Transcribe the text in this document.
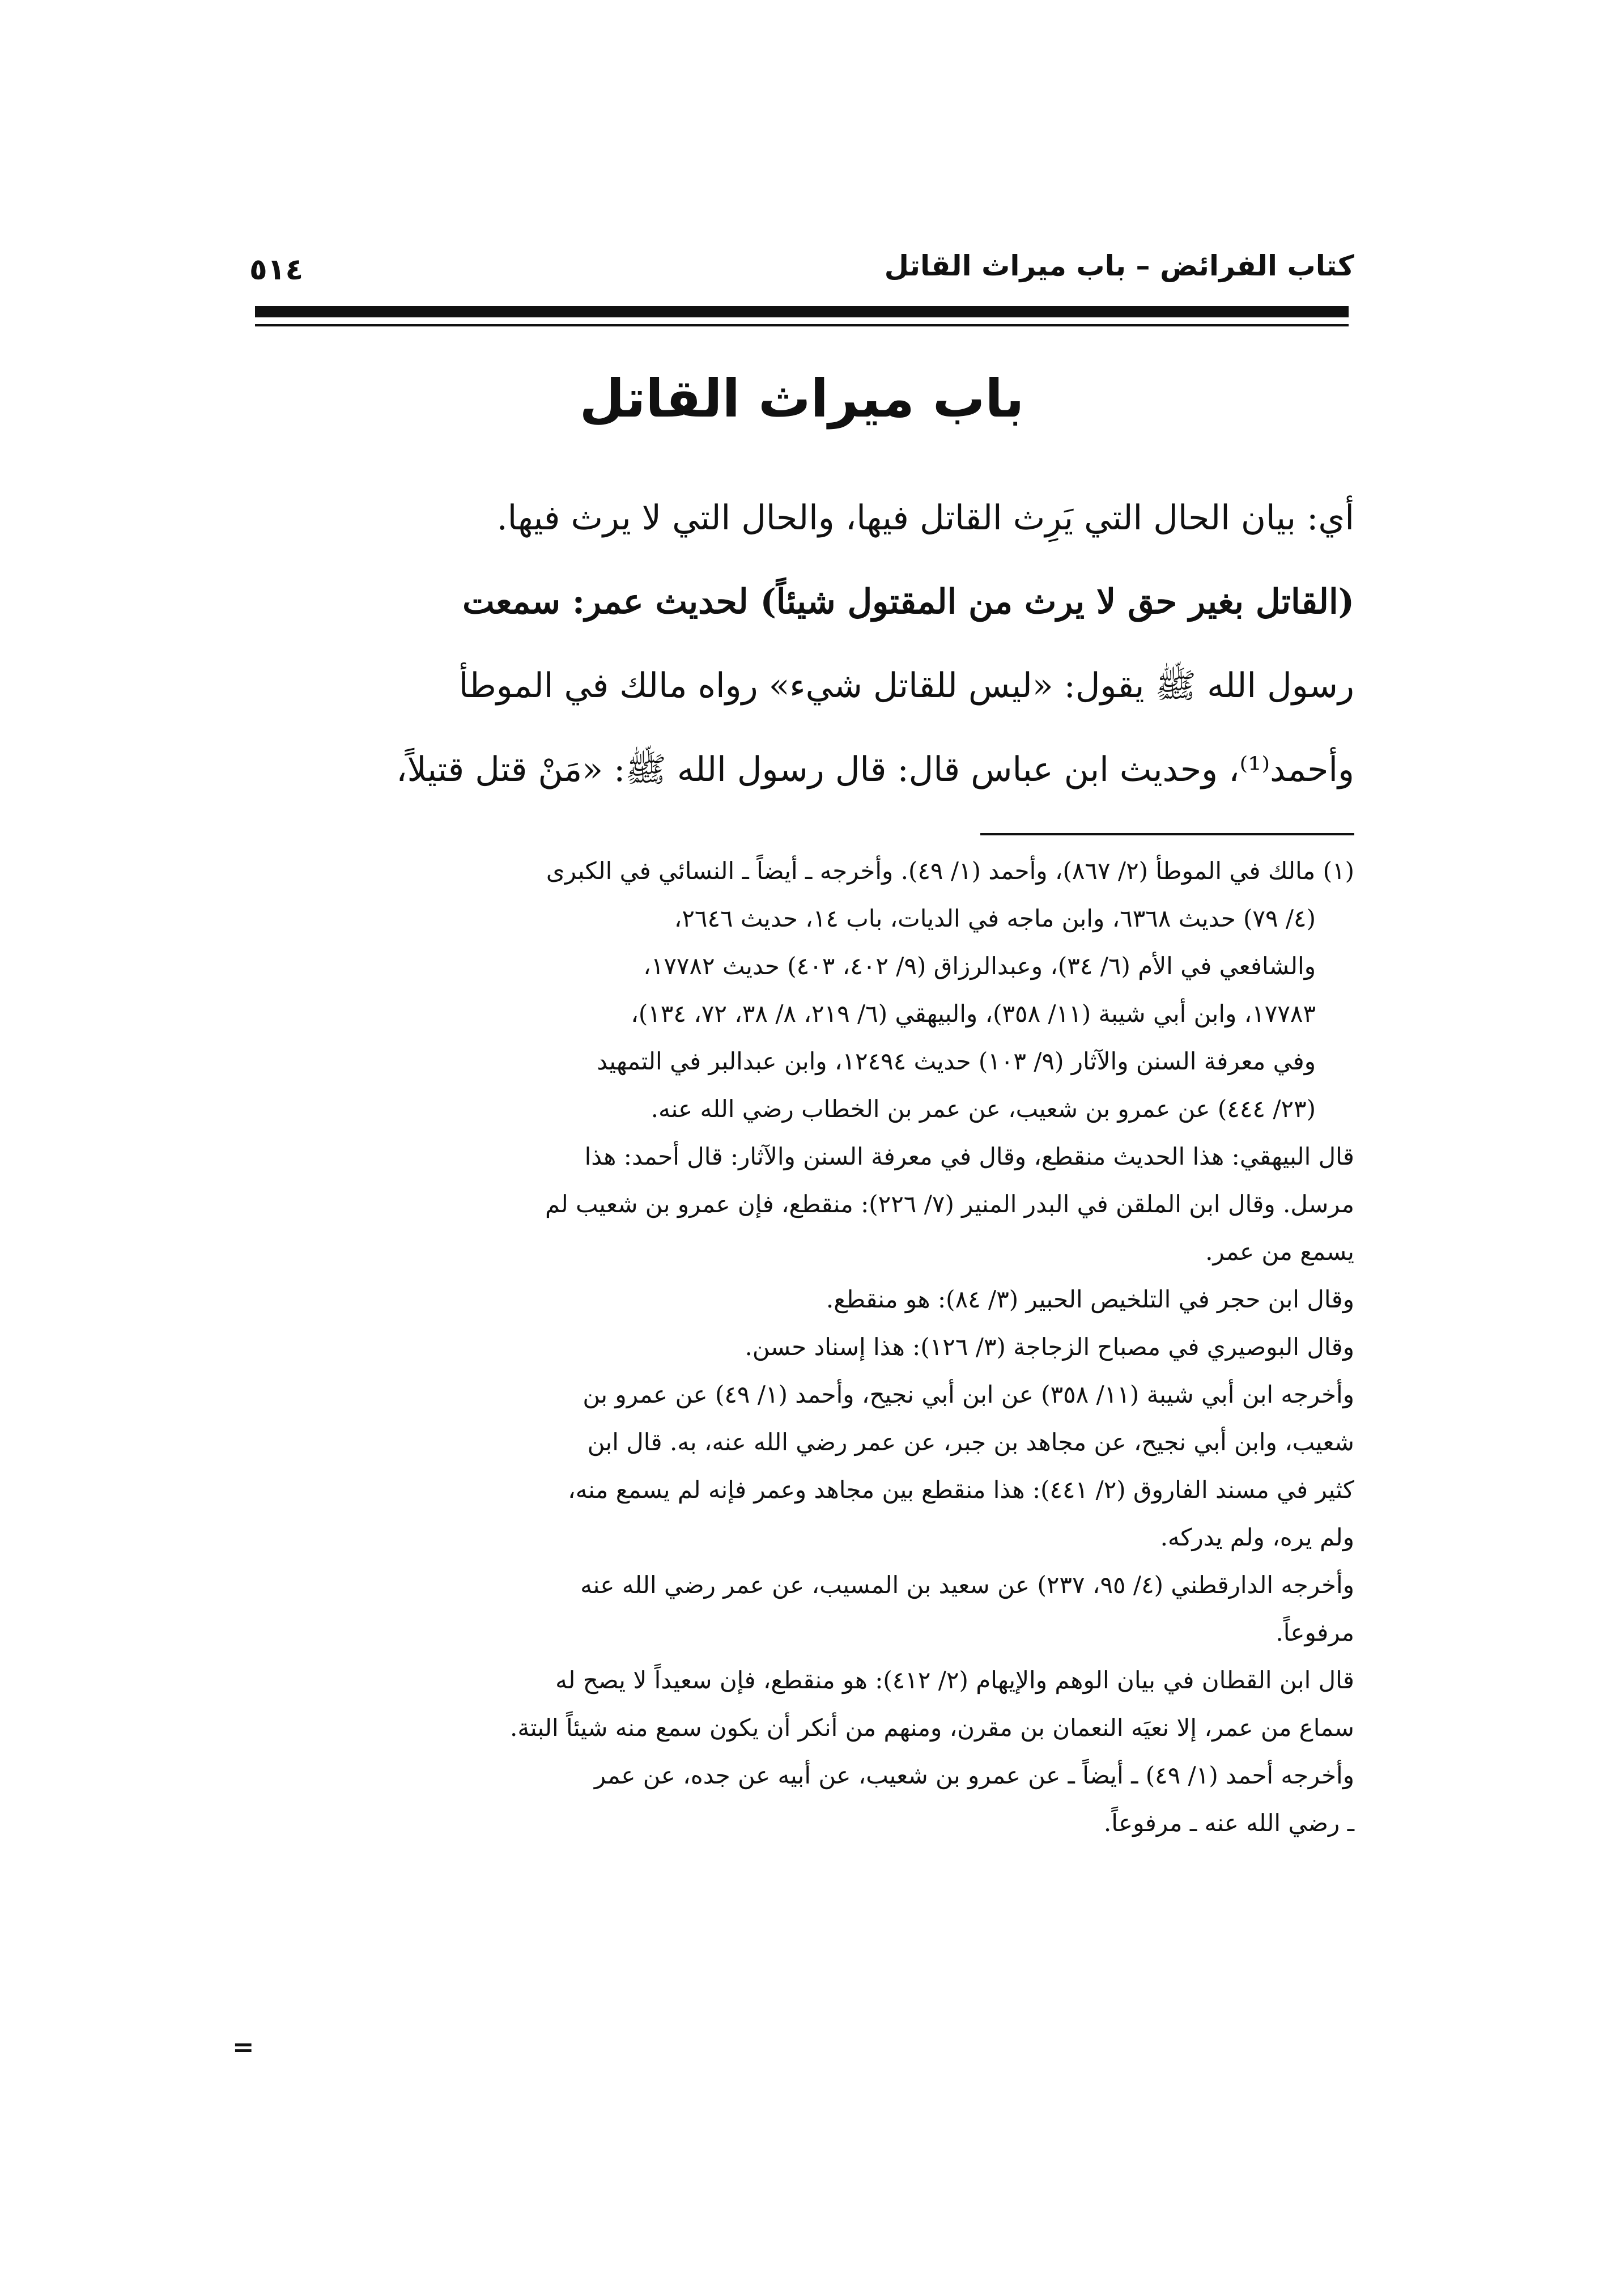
كتاب الفرائض – باب ميراث القاتل
٥١٤
باب ميراث القاتل
أي: بيان الحال التي يَرِث القاتل فيها، والحال التي لا يرث فيها.
(القاتل بغير حق لا يرث من المقتول شيئاً) لحديث عمر: سمعت
رسول الله ﷺ يقول: «ليس للقاتل شيء» رواه مالك في الموطأ
وأحمد⁽¹⁾، وحديث ابن عباس قال: قال رسول الله ﷺ: «مَنْ قتل قتيلاً،
(١) مالك في الموطأ (٢/ ٨٦٧)، وأحمد (١/ ٤٩). وأخرجه ـ أيضاً ـ النسائي في الكبرى
(٤/ ٧٩) حديث ٦٣٦٨، وابن ماجه في الديات، باب ١٤، حديث ٢٦٤٦،
والشافعي في الأم (٦/ ٣٤)، وعبدالرزاق (٩/ ٤٠٢، ٤٠٣) حديث ١٧٧٨٢،
١٧٧٨٣، وابن أبي شيبة (١١/ ٣٥٨)، والبيهقي (٦/ ٢١٩، ٨/ ٣٨، ٧٢، ١٣٤)،
وفي معرفة السنن والآثار (٩/ ١٠٣) حديث ١٢٤٩٤، وابن عبدالبر في التمهيد
(٢٣/ ٤٤٤) عن عمرو بن شعيب، عن عمر بن الخطاب رضي الله عنه.
قال البيهقي: هذا الحديث منقطع، وقال في معرفة السنن والآثار: قال أحمد: هذا
مرسل. وقال ابن الملقن في البدر المنير (٧/ ٢٢٦): منقطع، فإن عمرو بن شعيب لم
يسمع من عمر.
وقال ابن حجر في التلخيص الحبير (٣/ ٨٤): هو منقطع.
وقال البوصيري في مصباح الزجاجة (٣/ ١٢٦): هذا إسناد حسن.
وأخرجه ابن أبي شيبة (١١/ ٣٥٨) عن ابن أبي نجيح، وأحمد (١/ ٤٩) عن عمرو بن
شعيب، وابن أبي نجيح، عن مجاهد بن جبر، عن عمر رضي الله عنه، به. قال ابن
كثير في مسند الفاروق (٢/ ٤٤١): هذا منقطع بين مجاهد وعمر فإنه لم يسمع منه،
ولم يره، ولم يدركه.
وأخرجه الدارقطني (٤/ ٩٥، ٢٣٧) عن سعيد بن المسيب، عن عمر رضي الله عنه
مرفوعاً.
قال ابن القطان في بيان الوهم والإيهام (٢/ ٤١٢): هو منقطع، فإن سعيداً لا يصح له
سماع من عمر، إلا نعيَه النعمان بن مقرن، ومنهم من أنكر أن يكون سمع منه شيئاً البتة.
وأخرجه أحمد (١/ ٤٩) ـ أيضاً ـ عن عمرو بن شعيب، عن أبيه عن جده، عن عمر
ـ رضي الله عنه ـ مرفوعاً.
=
